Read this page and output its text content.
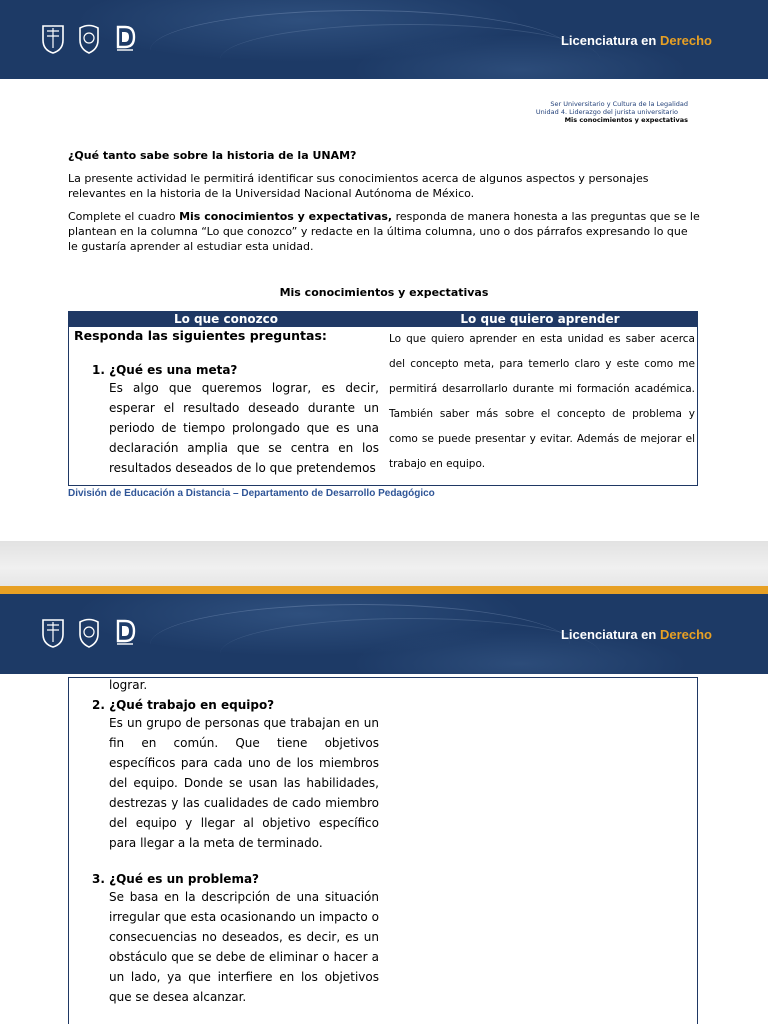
Licenciatura en Derecho
Ser Universitario y Cultura de la Legalidad
Unidad 4. Liderazgo del jurista universitario
Mis conocimientos y expectativas
¿Qué tanto sabe sobre la historia de la UNAM?
La presente actividad le permitirá identificar sus conocimientos acerca de algunos aspectos y personajes relevantes en la historia de la Universidad Nacional Autónoma de México.
Complete el cuadro Mis conocimientos y expectativas, responda de manera honesta a las preguntas que se le plantean en la columna “Lo que conozco” y redacte en la última columna, uno o dos párrafos expresando lo que le gustaría aprender al estudiar esta unidad.
Mis conocimientos y expectativas
Lo que conozco	Lo que quiero aprender
Responda las siguientes preguntas:
1. ¿Qué es una meta?
Es algo que queremos lograr, es decir, esperar el resultado deseado durante un periodo de tiempo prolongado que es una declaración amplia que se centra en los resultados deseados de lo que pretendemos
Lo que quiero aprender en esta unidad es saber acerca del concepto meta, para temerlo claro y este como me permitirá desarrollarlo durante mi formación académica. También saber más sobre el concepto de problema y como se puede presentar y evitar. Además de mejorar el trabajo en equipo.
División de Educación a Distancia – Departamento de Desarrollo Pedagógico
Licenciatura en Derecho
lograr.
2. ¿Qué trabajo en equipo?
Es un grupo de personas que trabajan en un fin en común. Que tiene objetivos específicos para cada uno de los miembros del equipo. Donde se usan las habilidades, destrezas y las cualidades de cado miembro del equipo y llegar al objetivo específico para llegar a la meta de terminado.
3. ¿Qué es un problema?
Se basa en la descripción de una situación irregular que esta ocasionando un impacto o consecuencias no deseados, es decir, es un obstáculo que se debe de eliminar o hacer a un lado, ya que interfiere en los objetivos que se desea alcanzar.
